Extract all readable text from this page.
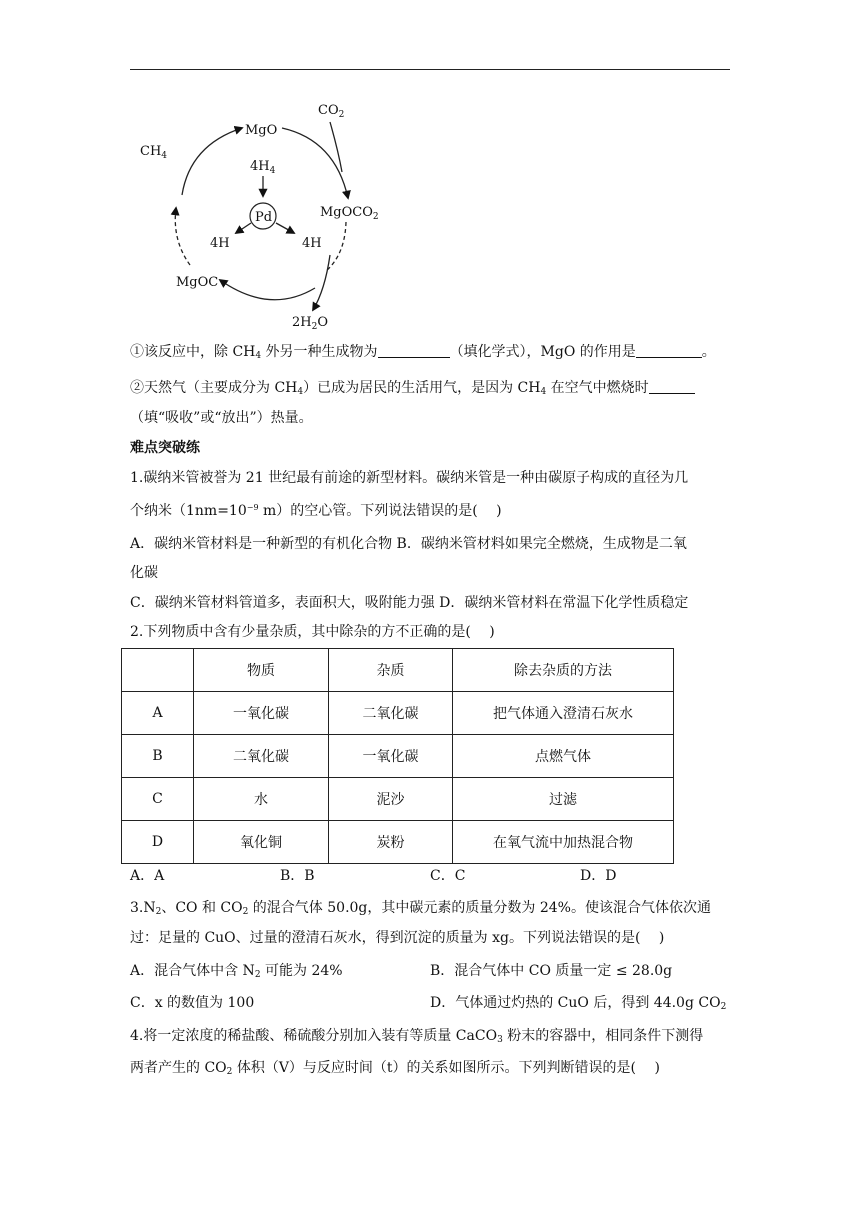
$CH_4$
MgO
$CO_2$
$4H_4$
Pd	MgOCO$_2$
4H	4H
MgOC
$2H_2O$
①该反应中，除 $CH_4$ 外另一种生成物为	（填化学式），MgO 的作用是	。
②天然气（主要成分为 $CH_4$）已成为居民的生活用气，是因为 $CH_4$ 在空气中燃烧时
（填“吸收”或“放出”）热量。
难点突破练
1.碳纳米管被誉为 21 世纪最有前途的新型材料。碳纳米管是一种由碳原子构成的直径为几
个纳米（$1nm=10^{-9}$ m）的空心管。下列说法错误的是(　 )
A．碳纳米管材料是一种新型的有机化合物 B．碳纳米管材料如果完全燃烧，生成物是二氧
化碳
C．碳纳米管材料管道多，表面积大，吸附能力强 D．碳纳米管材料在常温下化学性质稳定
2.下列物质中含有少量杂质，其中除杂的方不正确的是(　 )
	物质	杂质	除去杂质的方法
A	一氧化碳	二氧化碳	把气体通入澄清石灰水
B	二氧化碳	一氧化碳	点燃气体
C	水	泥沙	过滤
D	氧化铜	炭粉	在氧气流中加热混合物
A．A	B．B	C．C	D．D
$3.N_2$、CO 和 $CO_2$ 的混合气体 50.0g，其中碳元素的质量分数为 24%。使该混合气体依次通
过：足量的 CuO、过量的澄清石灰水，得到沉淀的质量为 xg。下列说法错误的是(　 )
A．混合气体中含 $N_2$ 可能为 24%	B．混合气体中 CO 质量一定 ≤ 28.0g
C．x 的数值为 100	D．气体通过灼热的 CuO 后，得到 44.0g $CO_2$
4.将一定浓度的稀盐酸、稀硫酸分别加入装有等质量 CaCO$_3$ 粉末的容器中，相同条件下测得
两者产生的 $CO_2$ 体积（V）与反应时间（t）的关系如图所示。下列判断错误的是(　 )
